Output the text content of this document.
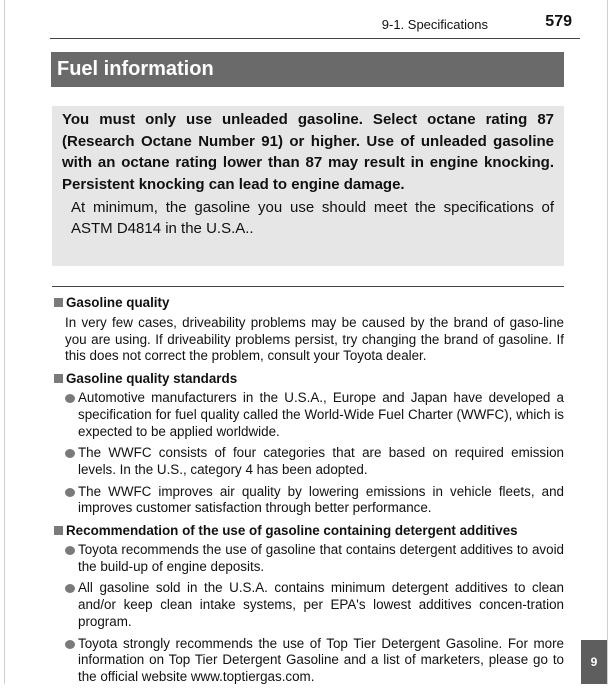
9-1. Specifications	579
Fuel information
You must only use unleaded gasoline. Select octane rating 87 (Research Octane Number 91) or higher. Use of unleaded gasoline with an octane rating lower than 87 may result in engine knocking. Persistent knocking can lead to engine damage.
At minimum, the gasoline you use should meet the specifications of ASTM D4814 in the U.S.A..
Gasoline quality
In very few cases, driveability problems may be caused by the brand of gaso-line you are using. If driveability problems persist, try changing the brand of gasoline. If this does not correct the problem, consult your Toyota dealer.
Gasoline quality standards
Automotive manufacturers in the U.S.A., Europe and Japan have developed a specification for fuel quality called the World-Wide Fuel Charter (WWFC), which is expected to be applied worldwide.
The WWFC consists of four categories that are based on required emission levels. In the U.S., category 4 has been adopted.
The WWFC improves air quality by lowering emissions in vehicle fleets, and improves customer satisfaction through better performance.
Recommendation of the use of gasoline containing detergent additives
Toyota recommends the use of gasoline that contains detergent additives to avoid the build-up of engine deposits.
All gasoline sold in the U.S.A. contains minimum detergent additives to clean and/or keep clean intake systems, per EPA's lowest additives concen-tration program.
Toyota strongly recommends the use of Top Tier Detergent Gasoline. For more information on Top Tier Detergent Gasoline and a list of marketers, please go to the official website www.toptiergas.com.
9
